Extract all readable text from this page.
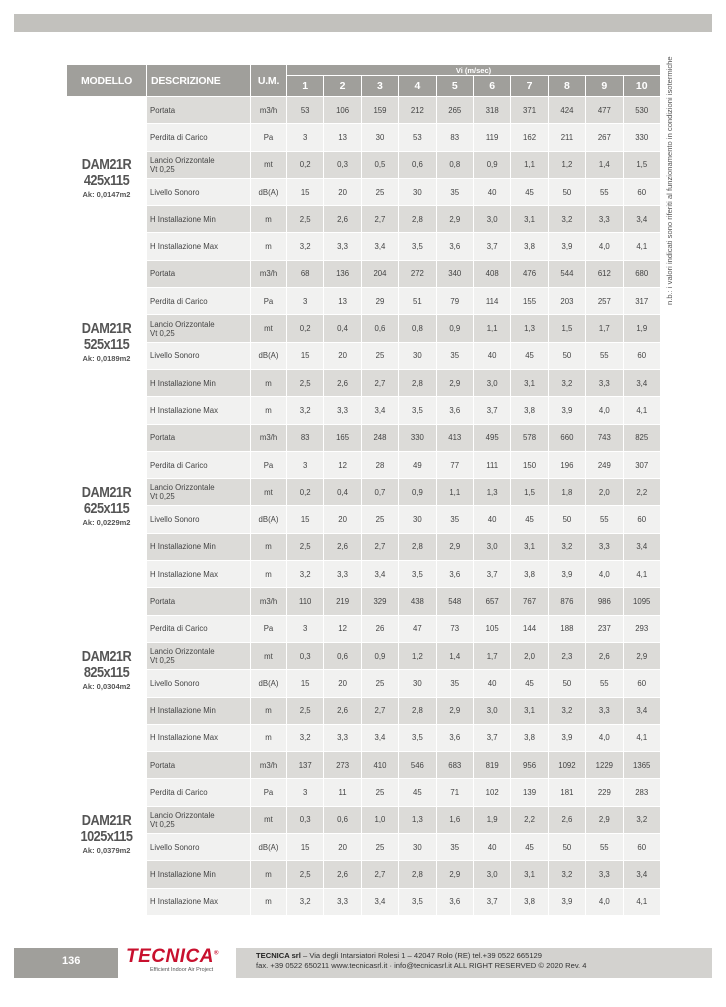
MODELLO	DESCRIZIONE	U.M.	Vi (m/sec)									
			1	2	3	4	5	6	7	8	9	10

DAM21R
425x115
Ak: 0,0147m2	Portata	m3/h	53	106	159	212	265	318	371	424	477	530

	Perdita di Carico	Pa	3	13	30	53	83	119	162	211	267	330

	Lancio Orizzontale
Vt 0,25	mt	0,2	0,3	0,5	0,6	0,8	0,9	1,1	1,2	1,4	1,5

	Livello Sonoro	dB(A)	15	20	25	30	35	40	45	50	55	60

	H Installazione Min	m	2,5	2,6	2,7	2,8	2,9	3,0	3,1	3,2	3,3	3,4

	H Installazione Max	m	3,2	3,3	3,4	3,5	3,6	3,7	3,8	3,9	4,0	4,1

DAM21R
525x115
Ak: 0,0189m2	Portata	m3/h	68	136	204	272	340	408	476	544	612	680

	Perdita di Carico	Pa	3	13	29	51	79	114	155	203	257	317

	Lancio Orizzontale
Vt 0,25	mt	0,2	0,4	0,6	0,8	0,9	1,1	1,3	1,5	1,7	1,9

	Livello Sonoro	dB(A)	15	20	25	30	35	40	45	50	55	60

	H Installazione Min	m	2,5	2,6	2,7	2,8	2,9	3,0	3,1	3,2	3,3	3,4

	H Installazione Max	m	3,2	3,3	3,4	3,5	3,6	3,7	3,8	3,9	4,0	4,1

DAM21R
625x115
Ak: 0,0229m2	Portata	m3/h	83	165	248	330	413	495	578	660	743	825

	Perdita di Carico	Pa	3	12	28	49	77	111	150	196	249	307

	Lancio Orizzontale
Vt 0,25	mt	0,2	0,4	0,7	0,9	1,1	1,3	1,5	1,8	2,0	2,2

	Livello Sonoro	dB(A)	15	20	25	30	35	40	45	50	55	60

	H Installazione Min	m	2,5	2,6	2,7	2,8	2,9	3,0	3,1	3,2	3,3	3,4

	H Installazione Max	m	3,2	3,3	3,4	3,5	3,6	3,7	3,8	3,9	4,0	4,1

DAM21R
825x115
Ak: 0,0304m2	Portata	m3/h	110	219	329	438	548	657	767	876	986	1095

	Perdita di Carico	Pa	3	12	26	47	73	105	144	188	237	293

	Lancio Orizzontale
Vt 0,25	mt	0,3	0,6	0,9	1,2	1,4	1,7	2,0	2,3	2,6	2,9

	Livello Sonoro	dB(A)	15	20	25	30	35	40	45	50	55	60

	H Installazione Min	m	2,5	2,6	2,7	2,8	2,9	3,0	3,1	3,2	3,3	3,4

	H Installazione Max	m	3,2	3,3	3,4	3,5	3,6	3,7	3,8	3,9	4,0	4,1

DAM21R
1025x115
Ak: 0,0379m2	Portata	m3/h	137	273	410	546	683	819	956	1092	1229	1365

	Perdita di Carico	Pa	3	11	25	45	71	102	139	181	229	283

	Lancio Orizzontale
Vt 0,25	mt	0,3	0,6	1,0	1,3	1,6	1,9	2,2	2,6	2,9	3,2

	Livello Sonoro	dB(A)	15	20	25	30	35	40	45	50	55	60

	H Installazione Min	m	2,5	2,6	2,7	2,8	2,9	3,0	3,1	3,2	3,3	3,4

	H Installazione Max	m	3,2	3,3	3,4	3,5	3,6	3,7	3,8	3,9	4,0	4,1
n.b.: i valori indicati sono riferiti al funzionamento in condizioni isotermiche
136 TECNICA®
Efficient Indoor Air Project
TECNICA srl – Via degli Intarsiatori Rolesi 1 – 42047 Rolo (RE) tel.+39 0522 665129
fax. +39 0522 650211 www.tecnicasrl.it · info@tecnicasrl.it ALL RIGHT RESERVED © 2020 Rev. 4
